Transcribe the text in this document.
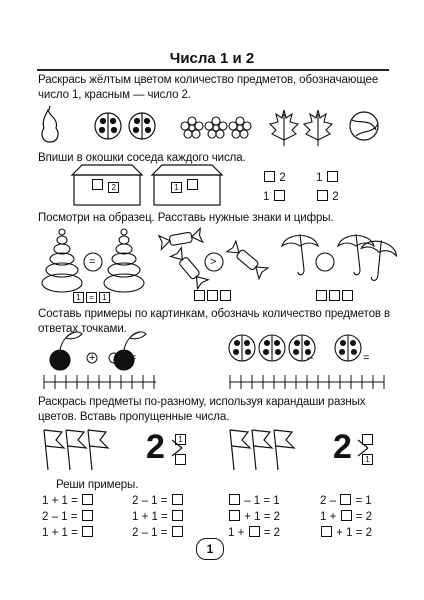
Числа 1 и 2
Раскрась жёлтым цветом количество предметов, обозначающее число 1, красным — число 2.
Впиши в окошки соседа каждого числа.
2	1
2	1
1	2
Посмотри на образец. Расставь нужные знаки и цифры.
=	>
1 = 1
Составь примеры по картинкам, обозначь количество предметов в ответах точками.
+	=	–	=
Раскрась предметы по-разному, используя карандаши разных цветов. Вставь пропущенные числа.
2	2
1
1
Реши примеры.
1 + 1 =	2 – 1 =	– 1 = 1	2 –  = 1
2 – 1 =	1 + 1 =	+ 1 = 2	1 +  = 2
1 + 1 =	2 – 1 =	1 +  = 2	+ 1 = 2
1
